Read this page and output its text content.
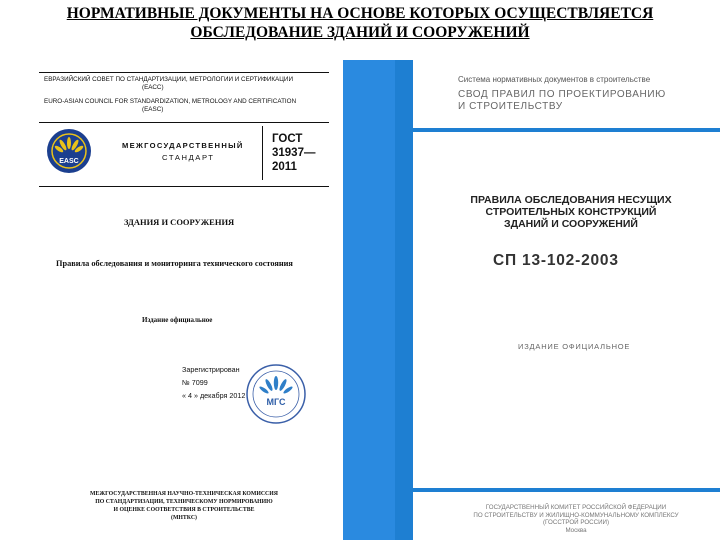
НОРМАТИВНЫЕ ДОКУМЕНТЫ НА ОСНОВЕ КОТОРЫХ ОСУЩЕСТВЛЯЕТСЯ
ОБСЛЕДОВАНИЕ ЗДАНИЙ И СООРУЖЕНИЙ
ЕВРАЗИЙСКИЙ СОВЕТ ПО СТАНДАРТИЗАЦИИ, МЕТРОЛОГИИ И СЕРТИФИКАЦИИ
(ЕАСС)
EURO-ASIAN COUNCIL FOR STANDARDIZATION, METROLOGY AND CERTIFICATION
(EASC)
EASC
МЕЖГОСУДАРСТВЕННЫЙ
СТАНДАРТ
ГОСТ
31937—
2011
ЗДАНИЯ И СООРУЖЕНИЯ
Правила обследования и мониторинга технического состояния
Издание официальное
Зарегистрирован
№ 7099
« 4 » декабря 2012
МГС
МЕЖГОСУДАРСТВЕННАЯ НАУЧНО-ТЕХНИЧЕСКАЯ КОМИССИЯ
ПО СТАНДАРТИЗАЦИИ, ТЕХНИЧЕСКОМУ НОРМИРОВАНИЮ
И ОЦЕНКЕ СООТВЕТСТВИЯ В СТРОИТЕЛЬСТВЕ
(МНТКС)
Система нормативных документов в строительстве
СВОД ПРАВИЛ ПО ПРОЕКТИРОВАНИЮ
И СТРОИТЕЛЬСТВУ
ПРАВИЛА ОБСЛЕДОВАНИЯ НЕСУЩИХ
СТРОИТЕЛЬНЫХ КОНСТРУКЦИЙ
ЗДАНИЙ И СООРУЖЕНИЙ
СП 13-102-2003
ИЗДАНИЕ ОФИЦИАЛЬНОЕ
ГОСУДАРСТВЕННЫЙ КОМИТЕТ РОССИЙСКОЙ ФЕДЕРАЦИИ
ПО СТРОИТЕЛЬСТВУ И ЖИЛИЩНО-КОММУНАЛЬНОМУ КОМПЛЕКСУ
(ГОССТРОЙ РОССИИ)
Москва
